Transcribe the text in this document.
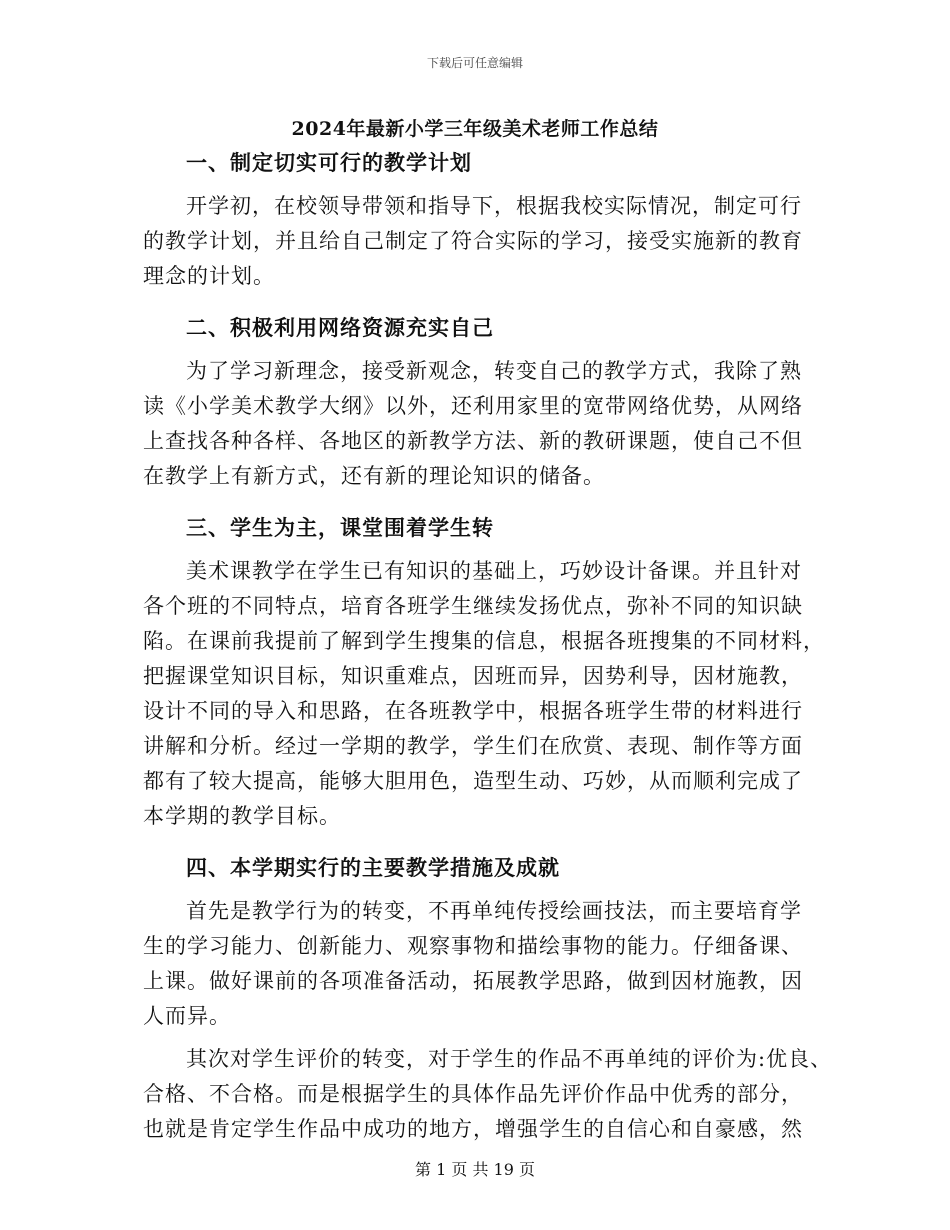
下载后可任意编辑
2024年最新小学三年级美术老师工作总结
一、制定切实可行的教学计划
开学初，在校领导带领和指导下，根据我校实际情况，制定可行
的教学计划，并且给自己制定了符合实际的学习，接受实施新的教育
理念的计划。
二、积极利用网络资源充实自己
为了学习新理念，接受新观念，转变自己的教学方式，我除了熟
读《小学美术教学大纲》以外，还利用家里的宽带网络优势，从网络
上查找各种各样、各地区的新教学方法、新的教研课题，使自己不但
在教学上有新方式，还有新的理论知识的储备。
三、学生为主，课堂围着学生转
美术课教学在学生已有知识的基础上，巧妙设计备课。并且针对
各个班的不同特点，培育各班学生继续发扬优点，弥补不同的知识缺
陷。在课前我提前了解到学生搜集的信息，根据各班搜集的不同材料，
把握课堂知识目标，知识重难点，因班而异，因势利导，因材施教，
设计不同的导入和思路，在各班教学中，根据各班学生带的材料进行
讲解和分析。经过一学期的教学，学生们在欣赏、表现、制作等方面
都有了较大提高，能够大胆用色，造型生动、巧妙，从而顺利完成了
本学期的教学目标。
四、本学期实行的主要教学措施及成就
首先是教学行为的转变，不再单纯传授绘画技法，而主要培育学
生的学习能力、创新能力、观察事物和描绘事物的能力。仔细备课、
上课。做好课前的各项准备活动，拓展教学思路，做到因材施教，因
人而异。
其次对学生评价的转变，对于学生的作品不再单纯的评价为:优良、
合格、不合格。而是根据学生的具体作品先评价作品中优秀的部分，
也就是肯定学生作品中成功的地方，增强学生的自信心和自豪感，然
第 1 页 共 19 页
